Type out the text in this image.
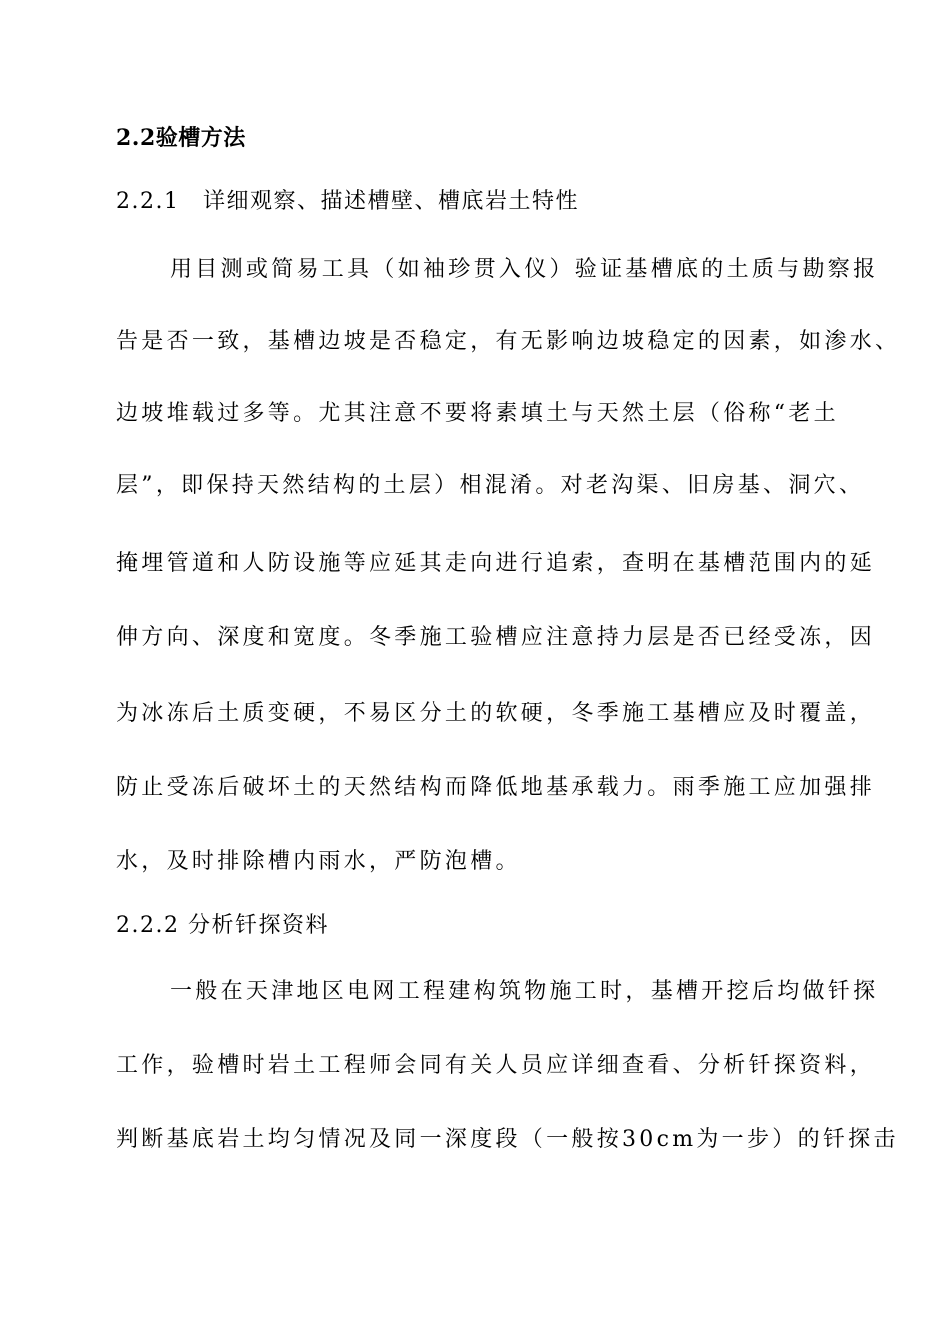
2.2验槽方法

2.2.1　详细观察、描述槽壁、槽底岩土特性

用目测或简易工具（如袖珍贯入仪）验证基槽底的土质与勘察报

告是否一致，基槽边坡是否稳定，有无影响边坡稳定的因素，如渗水、

边坡堆载过多等。尤其注意不要将素填土与天然土层（俗称“老土

层”，即保持天然结构的土层）相混淆。对老沟渠、旧房基、洞穴、

掩埋管道和人防设施等应延其走向进行追索，查明在基槽范围内的延

伸方向、深度和宽度。冬季施工验槽应注意持力层是否已经受冻，因

为冰冻后土质变硬，不易区分土的软硬，冬季施工基槽应及时覆盖，

防止受冻后破坏土的天然结构而降低地基承载力。雨季施工应加强排

水，及时排除槽内雨水，严防泡槽。

2.2.2 分析钎探资料

一般在天津地区电网工程建构筑物施工时，基槽开挖后均做钎探

工作，验槽时岩土工程师会同有关人员应详细查看、分析钎探资料，

判断基底岩土均匀情况及同一深度段（一般按30cm为一步）的钎探击
